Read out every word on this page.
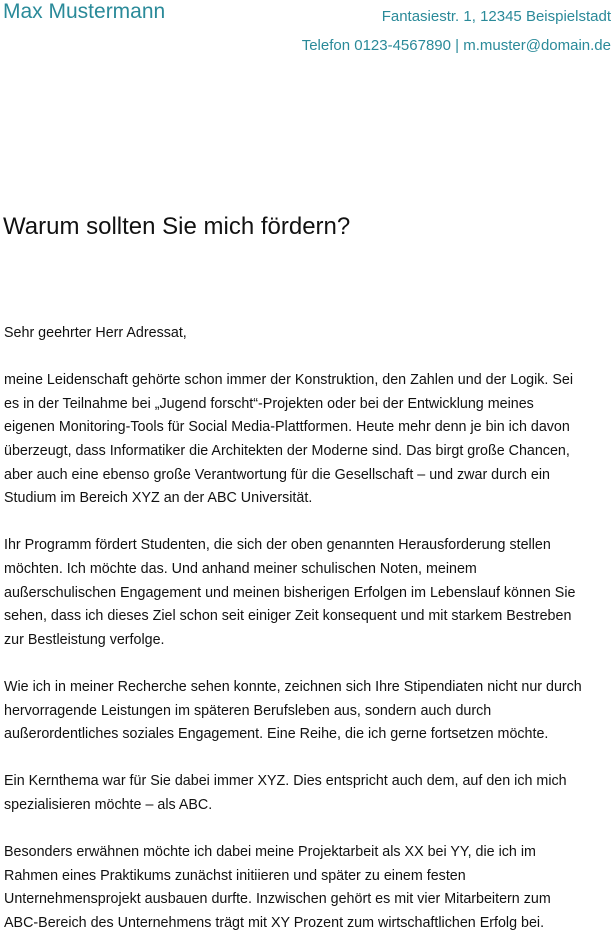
Max Mustermann	Fantasiestr. 1, 12345 Beispielstadt
Telefon 0123-4567890 | m.muster@domain.de
Warum sollten Sie mich fördern?
Sehr geehrter Herr Adressat,
meine Leidenschaft gehörte schon immer der Konstruktion, den Zahlen und der Logik. Sei
es in der Teilnahme bei „Jugend forscht“-Projekten oder bei der Entwicklung meines
eigenen Monitoring-Tools für Social Media-Plattformen. Heute mehr denn je bin ich davon
überzeugt, dass Informatiker die Architekten der Moderne sind. Das birgt große Chancen,
aber auch eine ebenso große Verantwortung für die Gesellschaft – und zwar durch ein
Studium im Bereich XYZ an der ABC Universität.
Ihr Programm fördert Studenten, die sich der oben genannten Herausforderung stellen
möchten. Ich möchte das. Und anhand meiner schulischen Noten, meinem
außerschulischen Engagement und meinen bisherigen Erfolgen im Lebenslauf können Sie
sehen, dass ich dieses Ziel schon seit einiger Zeit konsequent und mit starkem Bestreben
zur Bestleistung verfolge.
Wie ich in meiner Recherche sehen konnte, zeichnen sich Ihre Stipendiaten nicht nur durch
hervorragende Leistungen im späteren Berufsleben aus, sondern auch durch
außerordentliches soziales Engagement. Eine Reihe, die ich gerne fortsetzen möchte.
Ein Kernthema war für Sie dabei immer XYZ. Dies entspricht auch dem, auf den ich mich
spezialisieren möchte – als ABC.
Besonders erwähnen möchte ich dabei meine Projektarbeit als XX bei YY, die ich im
Rahmen eines Praktikums zunächst initiieren und später zu einem festen
Unternehmensprojekt ausbauen durfte. Inzwischen gehört es mit vier Mitarbeitern zum
ABC-Bereich des Unternehmens trägt mit XY Prozent zum wirtschaftlichen Erfolg bei.
